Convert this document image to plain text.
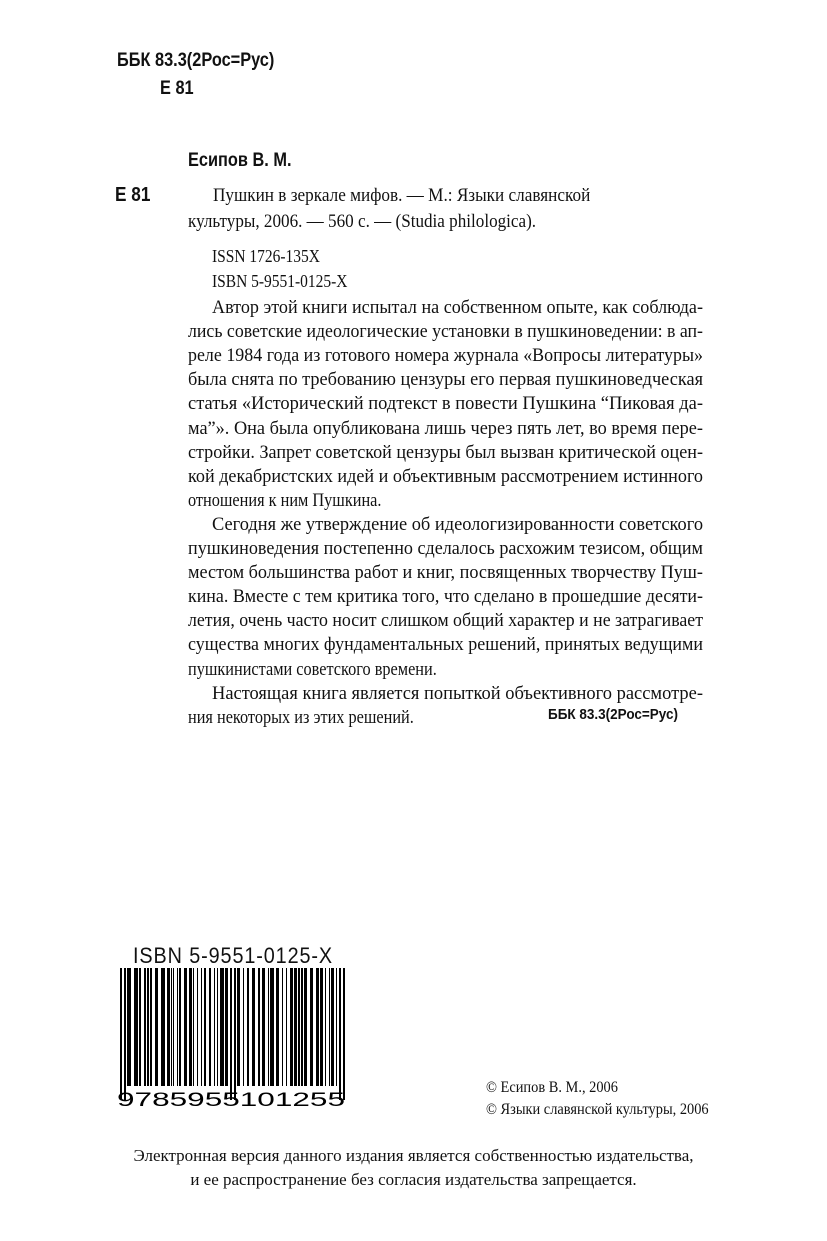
ББК 83.3(2Рос=Рус)
Е 81
Есипов В. М.
Е 81	Пушкин в зеркале мифов. — М.: Языки славянской
культуры, 2006. — 560 с. — (Studia philologica).
ISSN 1726-135X
ISBN 5-9551-0125-X
Автор этой книги испытал на собственном опыте, как соблюда-
лись советские идеологические установки в пушкиноведении: в ап-
реле 1984 года из готового номера журнала «Вопросы литературы»
была снята по требованию цензуры его первая пушкиноведческая
статья «Исторический подтекст в повести Пушкина “Пиковая да-
ма”». Она была опубликована лишь через пять лет, во время пере-
стройки. Запрет советской цензуры был вызван критической оцен-
кой декабристских идей и объективным рассмотрением истинного
отношения к ним Пушкина.
Сегодня же утверждение об идеологизированности советского
пушкиноведения постепенно сделалось расхожим тезисом, общим
местом большинства работ и книг, посвященных творчеству Пуш-
кина. Вместе с тем критика того, что сделано в прошедшие десяти-
летия, очень часто носит слишком общий характер и не затрагивает
существа многих фундаментальных решений, принятых ведущими
пушкинистами советского времени.
Настоящая книга является попыткой объективного рассмотре-
ния некоторых из этих решений.	ББК 83.3(2Рос=Рус)
ISBN 5-9551-0125-X
9785955101255
© Есипов В. М., 2006
© Языки славянской культуры, 2006
Электронная версия данного издания является собственностью издательства,
и ее распространение без согласия издательства запрещается.
